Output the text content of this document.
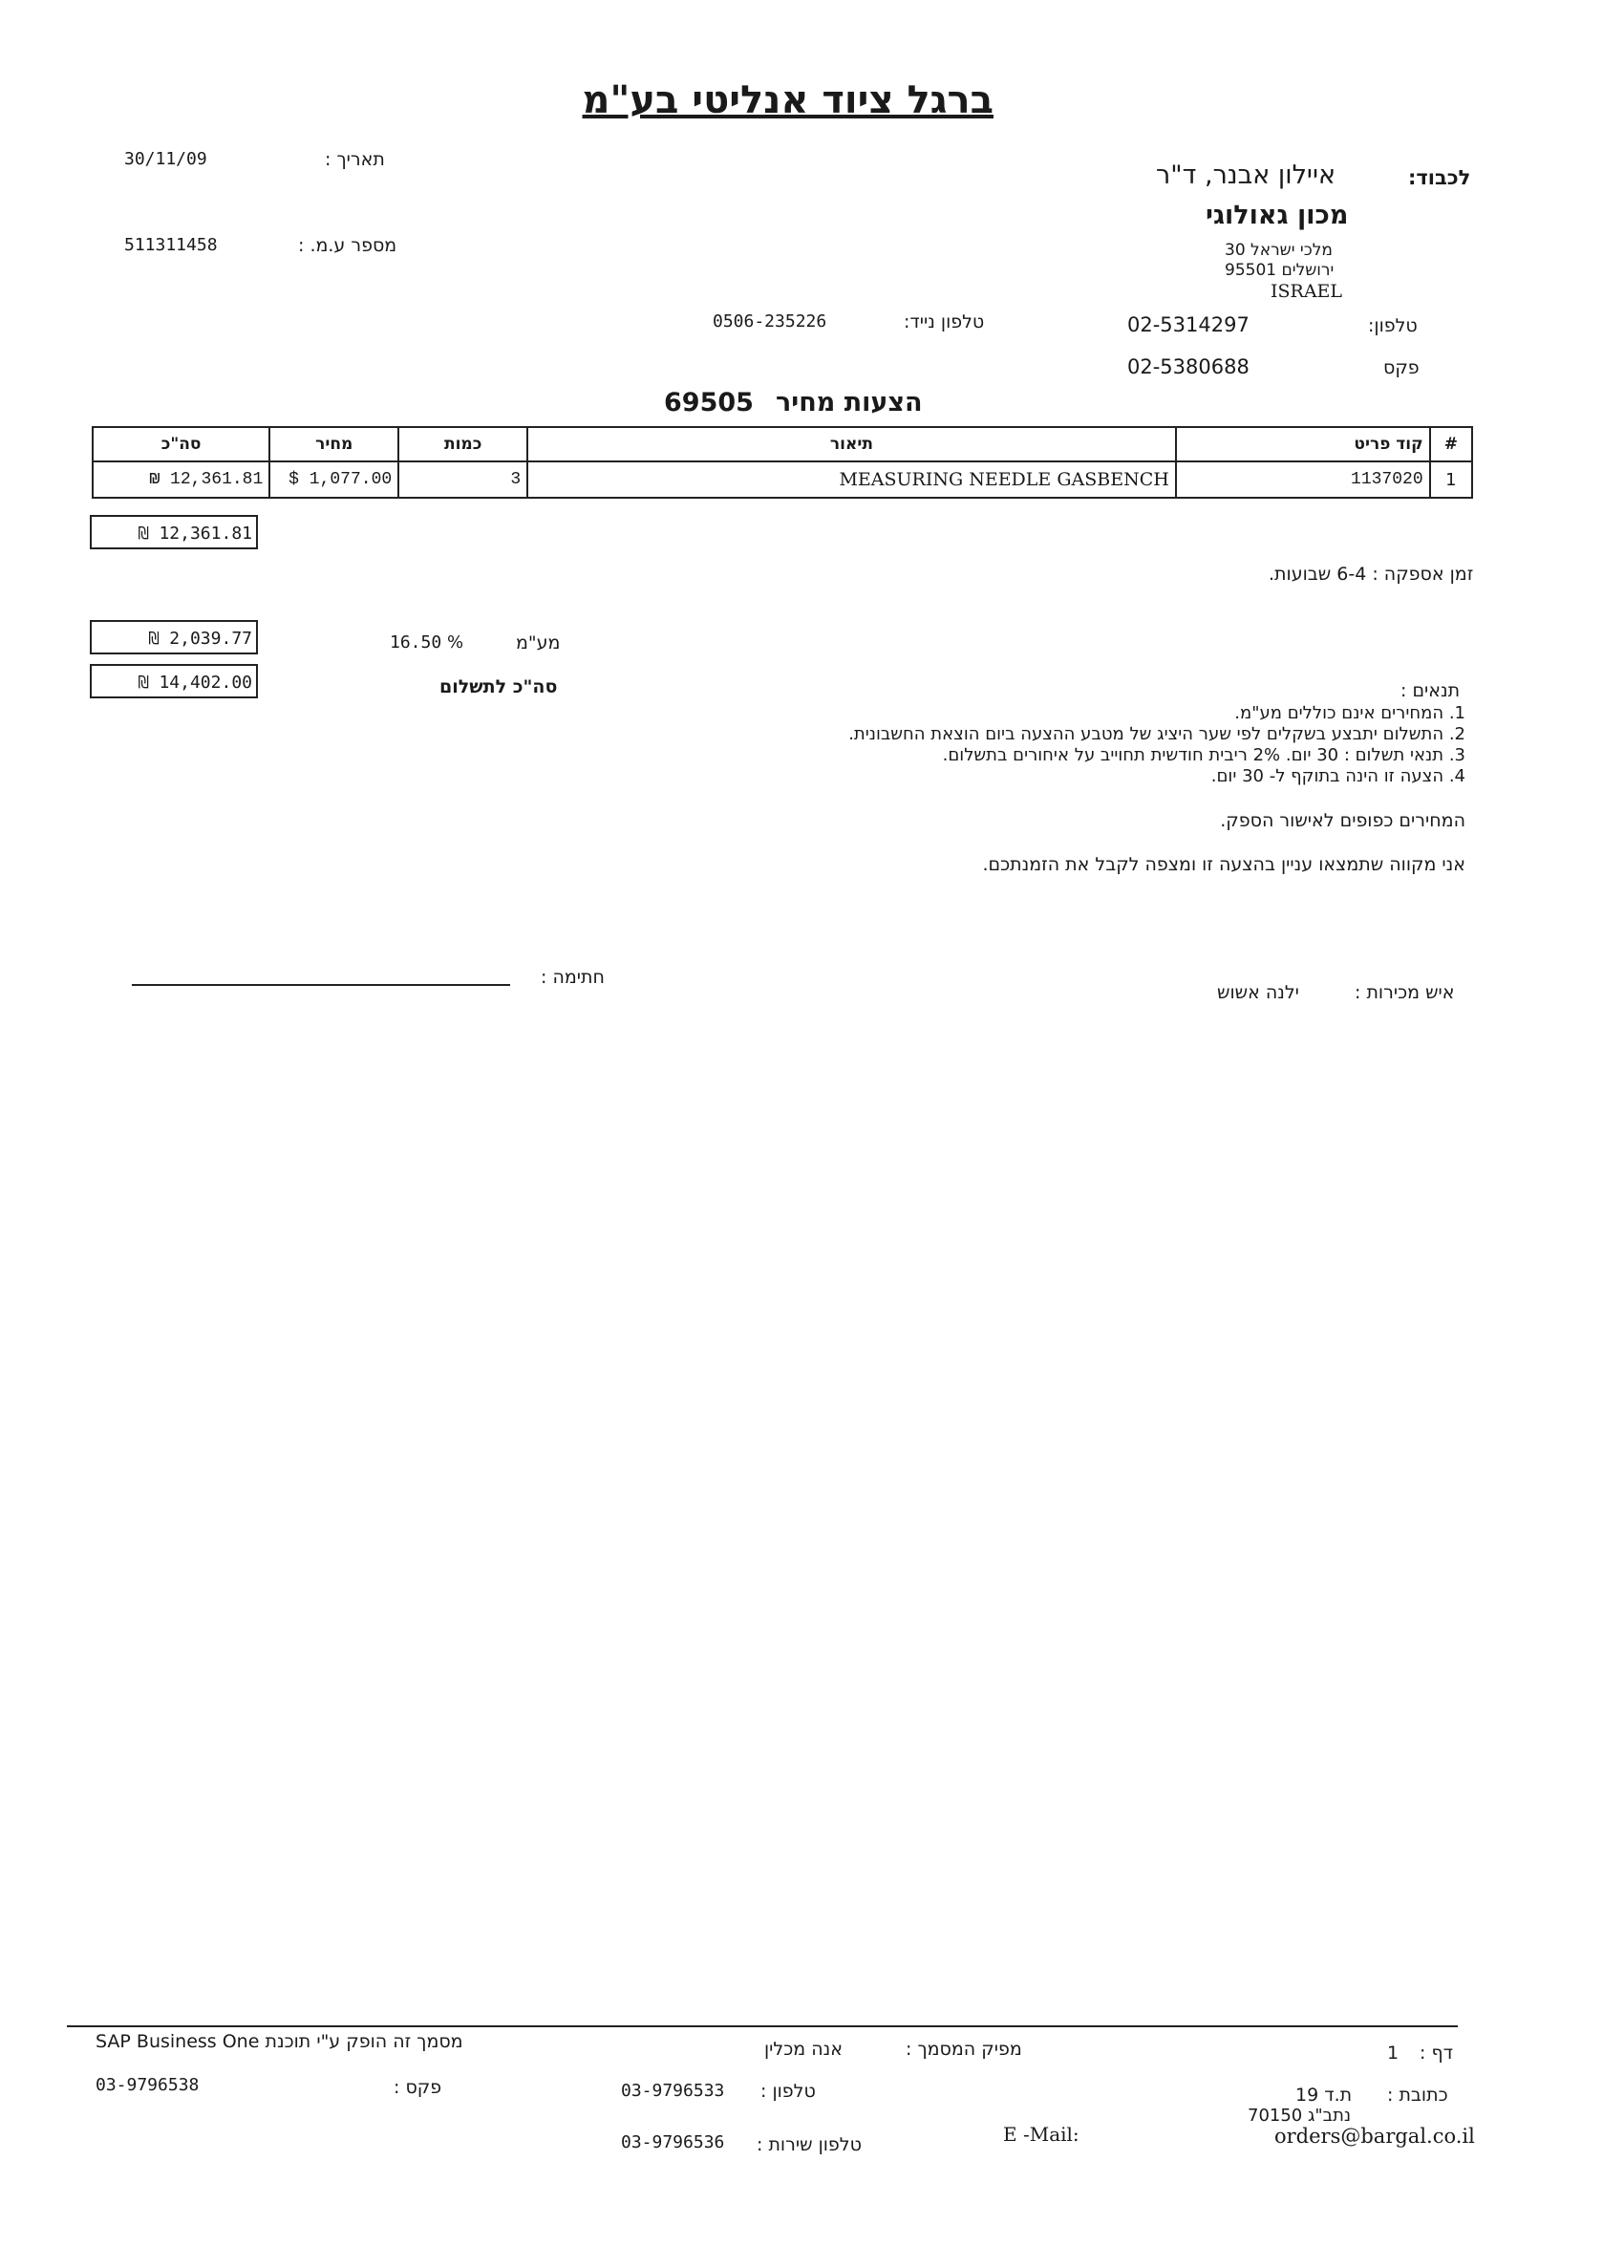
ברגל ציוד אנליטי בע"מ
30/11/09	תאריך :
511311458	מספר ע.מ. :
לכבוד:
איילון אבנר, ד"ר
מכון גאולוגי
מלכי ישראל 30
ירושלים 95501
ISRAEL
טלפון:
02-5314297
טלפון נייד:
0506-235226
פקס
02-5380688
69505 הצעות מחיר
סה"כ	מחיר	כמות	תיאור	קוד פריט	#
₪ 12,361.81	$ 1,077.00	3	MEASURING NEEDLE GASBENCH	1137020	1
₪ 12,361.81
זמן אספקה : 6-4 שבועות.
₪ 2,039.77	16.50 %	מע"מ
₪ 14,402.00	סה"כ לתשלום	תנאים :
1. המחירים אינם כוללים מע"מ.
2. התשלום יתבצע בשקלים לפי שער היציג של מטבע ההצעה ביום הוצאת החשבונית.
3. תנאי תשלום : 30 יום. 2% ריבית חודשית תחוייב על איחורים בתשלום.
4. הצעה זו הינה בתוקף ל- 30 יום.
המחירים כפופים לאישור הספק.
אני מקווה שתמצאו עניין בהצעה זו ומצפה לקבל את הזמנתכם.
חתימה :
איש מכירות :
ילנה אשוש
SAP Business One מסמך זה הופק ע"י תוכנת	מפיק המסמך :
אנה מכלין	דף :
1
03-9796538	פקס :	03-9796533 טלפון :	כתובת :
ת.ד 19
נתב"ג 70150
03-9796536 טלפון שירות :	E -Mail:	orders@bargal.co.il
